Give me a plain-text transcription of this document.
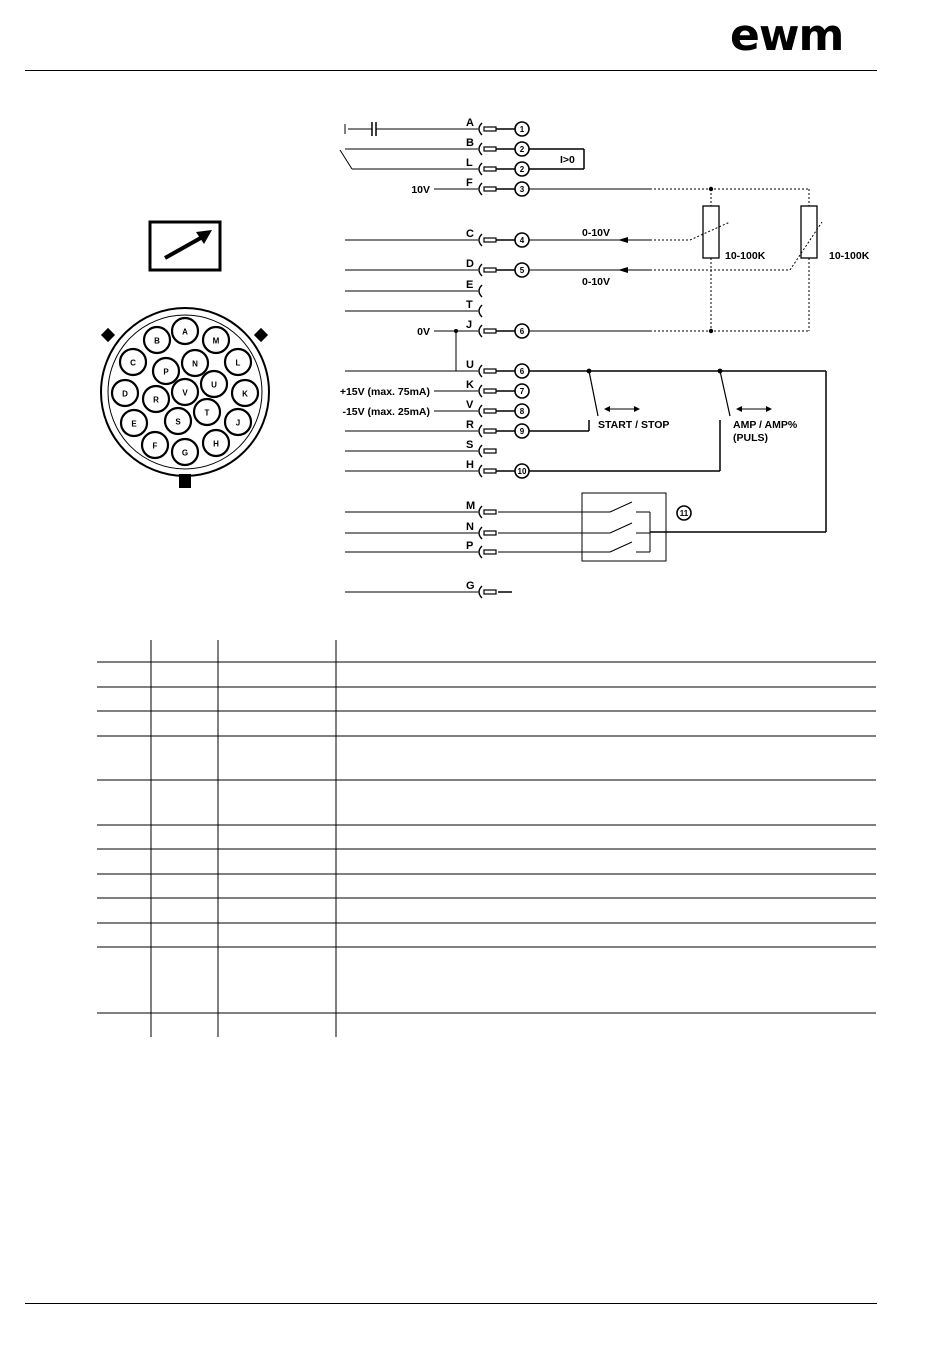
ewm
A
B	M
C
P
N	L
D
R
V
U
K
E	S
T
J
F
G
H
A
1
B
2
L
2
F
3
10V
C
4
D
5
E
T
J
6
0V
U
6
K
7
+15V (max. 75mA)
V
8
-15V (max. 25mA)
R
9
S
H
10
M
N
P
G
I>0
10-100K	10-100K
0-10V
0-10V
START / STOP	AMP / AMP%
(PULS)
11
